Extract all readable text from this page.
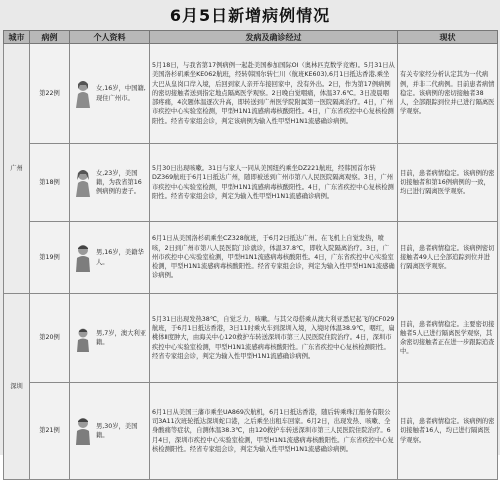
6月5日新增病例情况
城市	病例	个人资料	发病及确诊经过	现状
广州	第22例	女,16岁，中国籍,现住广州市。	5月18日，与我省第17例病例一起赴美国参加国际OI（奥林匹克数学竞赛)。5月31日从美国洛杉矶乘坐KE062航班，经转韩国尔转仁川（航班KE603),6月1日抵达香港,乘坐大巴从皇岗口岸入境，后回到家人亲开车接回家中，没有外出。2日，作为第17例病例的密切接触者送到指定地点隔离医学观察。2日晚白觉咽痛，体温37.6℃。3日凌晨咽部疼痛，4次题体温逐次升高，即转送到广州医学院附属第一医院隔离治疗。4日，广州市疾控中心实验室检测，甲型H1N1流感病毒核酸阳性。4日，广东省疾控中心复核检测阳性。经省专家组会诊，判定该病例为输入性甲型H1N1流感确诊病例。	有关专家经分析认定其为一代病例，并非二代病例。目前患者病情稳定。该病例的密切接触者38人，全部跟踪到位并已进行隔离医学观察。
	第18例	女,23岁，美国籍，为我省第16例病例的妻子。	5月30日出现咳嗽。31日与家人一同从美国纽约乘坐DZ221航班，经韩国首尔转DZ369航班于6月1日抵达广州，随即被送到广州市第八人民医院隔离观察。3日，广州市疾控中心实验室检测，甲型H1N1流感病毒核酸阳性。4日，广东省疾控中心复核检测阳性。经省专家组会诊，判定为输入性甲型H1N1流感确诊病例。	目前，患者病情稳定。该病例的密切接触者和第16例病例的一致，均已进行隔离医学观察。
	第19例	男,16岁，美籍华人。	6月1日从美国洛杉矶乘坐CZ328航班，于6月2日抵达广州。在飞机上自觉发热，喷咳，2日到广州市第八人民医院门诊就诊，体温37.8℃，即收入院隔离治疗。3日，广州市疾控中心实验室检测，甲型H1N1流感病毒核酸阳性。4日，广东省疾控中心实验室检测，甲型H1N1流感病毒核酸阳性。经省专家组会诊，判定为输入性甲型H1N1流感确诊病例。	目前，患者病情稳定。该病例密切接触者49人已全部追踪到位并进行隔离医学观察。
深圳	第20例	男,7岁，澳大利亚籍。	5月31日出现发热38℃，自觉乏力、咳嗽。与其父母搭乘从澳大利亚悉尼起飞的CF029航班，于6月1日抵达香港，3日11时乘火车到深圳入境，入境时体温38.9℃，咽红，扁桃体Ⅱ度肿大，由海关中心120救护车转送深圳市第三人民医院住院治疗。4日，深圳市疾控中心实验室检测，甲型H1N1流感病毒核酸阳性。广东省疾控中心复核检测阳性。经省专家组会诊，判定为输入性甲型H1N1流感确诊病例。	目前，患者病情稳定。主要密切接触者5人已进行隔离医学观察，其余密切接触者正在进一步跟踪追查中。
	第21例	男,30岁，美国籍。	6月1日从美国三藩市乘坐UA869次航机，6月1日抵达香港，随后转乘珠江船务有限公司3A11次班轮抵达深圳蛇口港，之后乘坐出租车回家。6月2日，出现发热、咳嗽、全身酸痛等症状，自测体温38.3℃，由120救护车转送深圳市第三人民医院住院治疗。6月4日，深圳市疾控中心实验室检测，甲型H1N1流感病毒核酸阳性。广东省疾控中心复核检测阳性。经省专家组会诊，判定为输入性甲型H1N1流感确诊病例。	目前，患者病情稳定。该病例的密切接触者16人，均已进行隔离医学观察。
